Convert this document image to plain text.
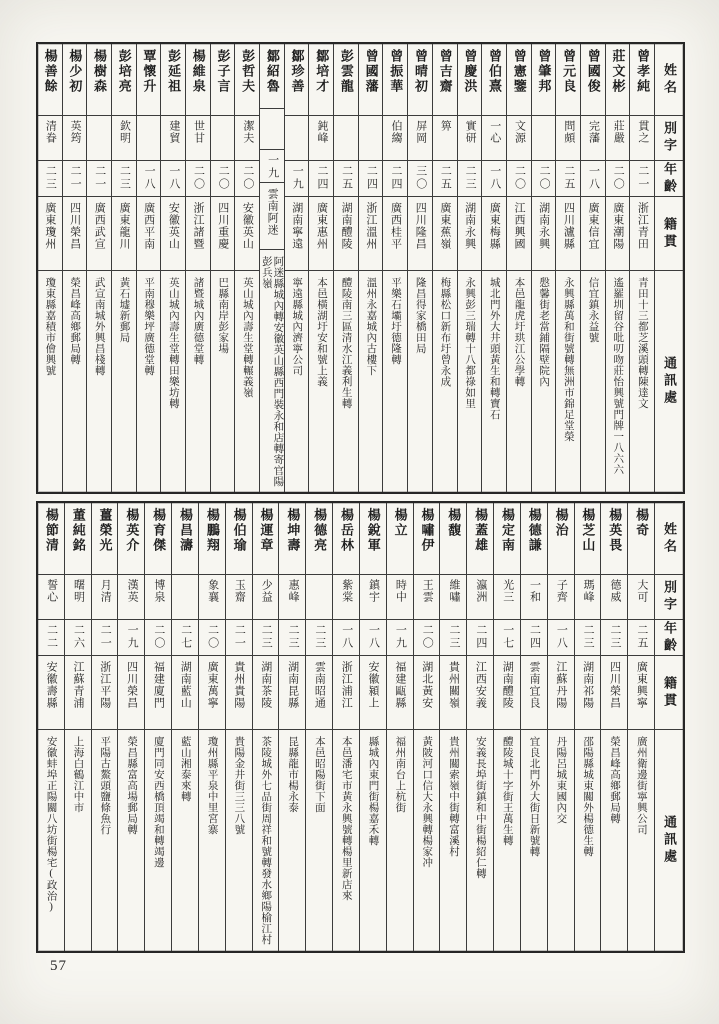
姓名
別字
年齡
籍貫
通訊處
曾孝純
貫之
二一
浙江青田
青田十三都芝溪頭轉陳達文
莊文彬
莊嚴
二〇
廣東潮陽
遙羅圳留谷吡叨吻莊怡興號門牌一八六六
曾國俊
完藩
一八
廣東信宜
信宜鎮永益號
曾元良
問頗
二五
四川瀘縣
永興縣萬和街號轉無洲市錦足堂榮
曾肇邦
二〇
湖南永興
慇馨街老當鋪隔壁院內
曾憲鑒
文源
二〇
江西興國
本邑龍虎圩珙江公學轉
曾伯熹
一心
一八
廣東梅縣
城北門外大井頭黃生和轉寶石
曾慶洪
實研
二三
湖南永興
永興彭三瑞轉十八都祿如里
曾吉齋
箅
二五
廣東蕉嶺
梅縣松口新布圩曾永成
曾晴初
屏岡
三〇
四川隆昌
隆昌得家橋田局
曾振華
伯縐
二四
廣西桂平
平樂石壩圩德隆轉
曾國藩
二四
浙江溫州
溫州永嘉城內古樓下
彭雲龍
二五
湖南醴陵
醴陵南三區清水江義利生轉
鄒培才
鈍峰
二四
廣東惠州
本邑橫湖圩安和號上義
鄒珍善
一九
湖南寧遠
寧遠縣城內濟寧公司
鄒紹魯
一九
雲南阿迷
阿迷縣城內轉安徽英山縣西門裝永和店轉寄官陽彭兵嶺
彭哲夫
潔夫
二〇
安徽英山
英山城內壽生堂轉輾義嶺
彭子言
二〇
四川重慶
巴縣南岸彭家場
楊維泉
世甘
二〇
浙江諸暨
諸暨城內廣德堂轉
彭延祖
建貿
一八
安徽英山
英山城內壽生堂轉田樂坊轉
覃懷升
一八
廣西平南
平南穆樂坪廣德堂轉
彭培亮
欽明
二三
廣東龍川
黃石墟新郵局
楊樹森
二一
廣西武宣
武宣南城外興昌棧轉
楊少初
英筠
二一
四川榮昌
榮昌峰高鄉郵局轉
楊善餘
清眷
二三
廣東瓊州
瓊東縣嘉積市儈興號
姓名
別字
年齡
籍貫
通訊處
楊奇
大可
二五
廣東興寧
廣州衛邊街寧興公司
楊英畏
德威
二三
四川榮昌
榮昌峰高鄉郵局轉
楊芝山
瑪峰
二三
湖南祁陽
邵陽縣城東關外楊德生轉
楊治
子齊
一八
江蘇丹陽
丹陽呂城東國內交
楊德謙
一和
二四
雲南宜良
宜良北門外大街日新號轉
楊定南
光三
一七
湖南醴陵
醴陵城十字街王萬生轉
楊蓋雄
瀛洲
二四
江西安義
安義長埠街鎮和中街楊紹仁轉
楊馥
維嘯
二三
貴州關嶺
貴州關索嶺中街轉富溪村
楊嘯伊
王雲
二〇
湖北黃安
黃陂河口信大永興轉楊家冲
楊立
時中
一九
福建甌縣
福州南台上杭街
楊銳軍
鎮宇
一八
安徽潁上
縣城內東門街楊嘉禾轉
楊岳林
紫棠
一八
浙江浦江
本邑潘宅市黃永興號轉楊里新店來
楊德亮
二三
雲南昭通
本邑昭陽街下面
楊坤壽
惠峰
二三
湖南昆縣
昆縣龍市楊永泰
楊運章
少益
二三
湖南茶陵
茶陵城外七品街周祥和號轉發水鄉陽榆江村
楊伯瑜
玉齋
二一
貴州貴陽
貴陽金井街三三八號
楊鵬翔
象襄
二〇
廣東萬寧
瓊州縣平泉中里宮寨
楊昌濤
二七
湖南藍山
藍山湘泰來轉
楊育傑
博泉
二〇
福建廈門
廈門同安西橋頂竭和轉竭邊
楊英介
漢英
一九
四川榮昌
榮昌縣富高場郵局轉
薑榮光
月清
二一
浙江平陽
平陽古鰲頭鹽條魚行
董純銘
曙明
二六
江蘇青浦
上海白鶴江中市
楊節清
誓心
二二
安徽壽縣
安徽蚌埠正陽關八坊街楊宅(政治)
57
